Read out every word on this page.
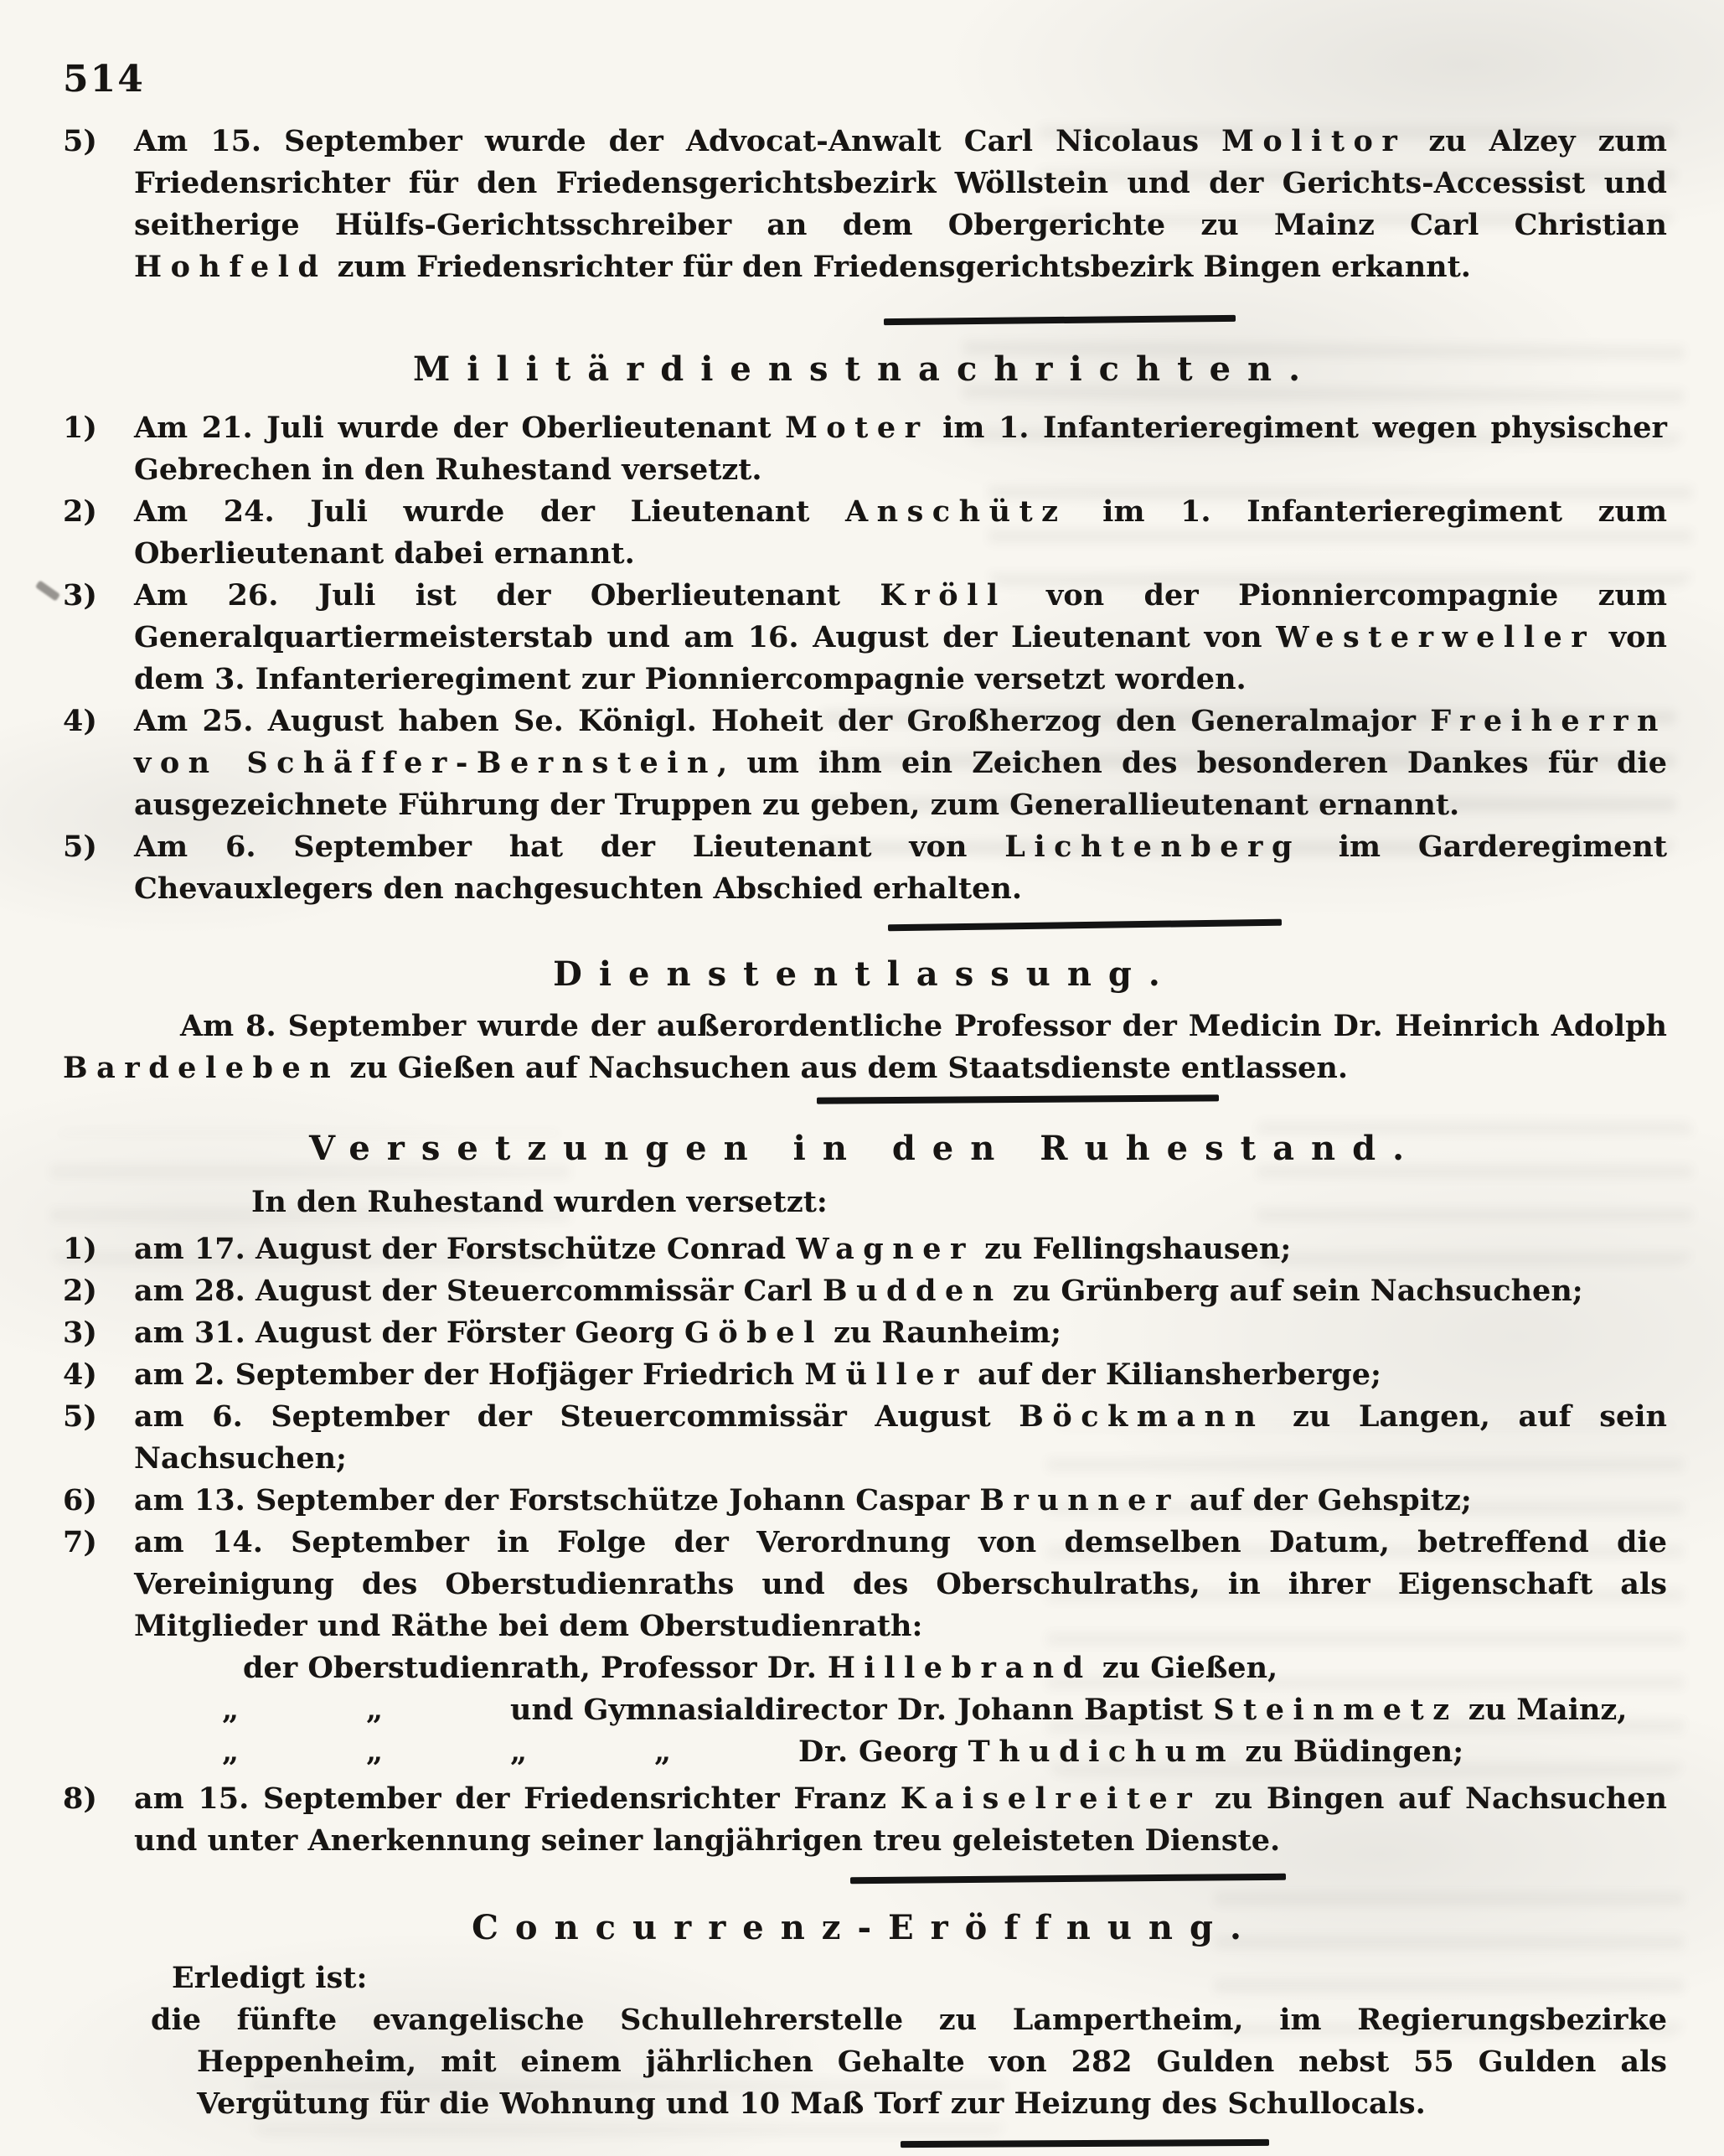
514
5)	Am 15. September wurde der Advocat-Anwalt Carl Nicolaus Molitor zu Alzey zum Friedensrichter für den Friedensgerichtsbezirk Wöllstein und der Gerichts-Accessist und seitherige Hülfs-Gerichtsschreiber an dem Obergerichte zu Mainz Carl Christian Hohfeld zum Friedensrichter für den Friedensgerichtsbezirk Bingen erkannt.
Militärdienstnachrichten.
1)	Am 21. Juli wurde der Oberlieutenant Moter im 1. Infanterieregiment wegen physischer Gebrechen in den Ruhestand versetzt.
2)	Am 24. Juli wurde der Lieutenant Anschütz im 1. Infanterieregiment zum Oberlieutenant dabei ernannt.
3)	Am 26. Juli ist der Oberlieutenant Kröll von der Pionniercompagnie zum Generalquartiermeisterstab und am 16. August der Lieutenant von Westerweller von dem 3. Infanterieregiment zur Pionniercompagnie versetzt worden.
4)	Am 25. August haben Se. Königl. Hoheit der Großherzog den Generalmajor Freiherrn von Schäffer-Bernstein, um ihm ein Zeichen des besonderen Dankes für die ausgezeichnete Führung der Truppen zu geben, zum Generallieutenant ernannt.
5)	Am 6. September hat der Lieutenant von Lichtenberg im Garderegiment Chevauxlegers den nachgesuchten Abschied erhalten.
Dienstentlassung.
Am 8. September wurde der außerordentliche Professor der Medicin Dr. Heinrich Adolph Bardeleben zu Gießen auf Nachsuchen aus dem Staatsdienste entlassen.
Versetzungen in den Ruhestand.
In den Ruhestand wurden versetzt:
1)	am 17. August der Forstschütze Conrad Wagner zu Fellingshausen;
2)	am 28. August der Steuercommissär Carl Budden zu Grünberg auf sein Nachsuchen;
3)	am 31. August der Förster Georg Göbel zu Raunheim;
4)	am 2. September der Hofjäger Friedrich Müller auf der Kiliansherberge;
5)	am 6. September der Steuercommissär August Böckmann zu Langen, auf sein Nachsuchen;
6)	am 13. September der Forstschütze Johann Caspar Brunner auf der Gehspitz;
7)	am 14. September in Folge der Verordnung von demselben Datum, betreffend die Vereinigung des Oberstudienraths und des Oberschulraths, in ihrer Eigenschaft als Mitglieder und Räthe bei dem Oberstudienrath:
der Oberstudienrath, Professor Dr. Hillebrand zu Gießen,
„	„	und Gymnasialdirector Dr. Johann Baptist Steinmetz zu Mainz,
„	„	„	„	Dr. Georg Thudichum zu Büdingen;
8)	am 15. September der Friedensrichter Franz Kaiselreiter zu Bingen auf Nachsuchen und unter Anerkennung seiner langjährigen treu geleisteten Dienste.
Concurrenz-Eröffnung.
Erledigt ist:
die fünfte evangelische Schullehrerstelle zu Lampertheim, im Regierungsbezirke Heppenheim, mit einem jährlichen Gehalte von 282 Gulden nebst 55 Gulden als Vergütung für die Wohnung und 10 Maß Torf zur Heizung des Schullocals.
